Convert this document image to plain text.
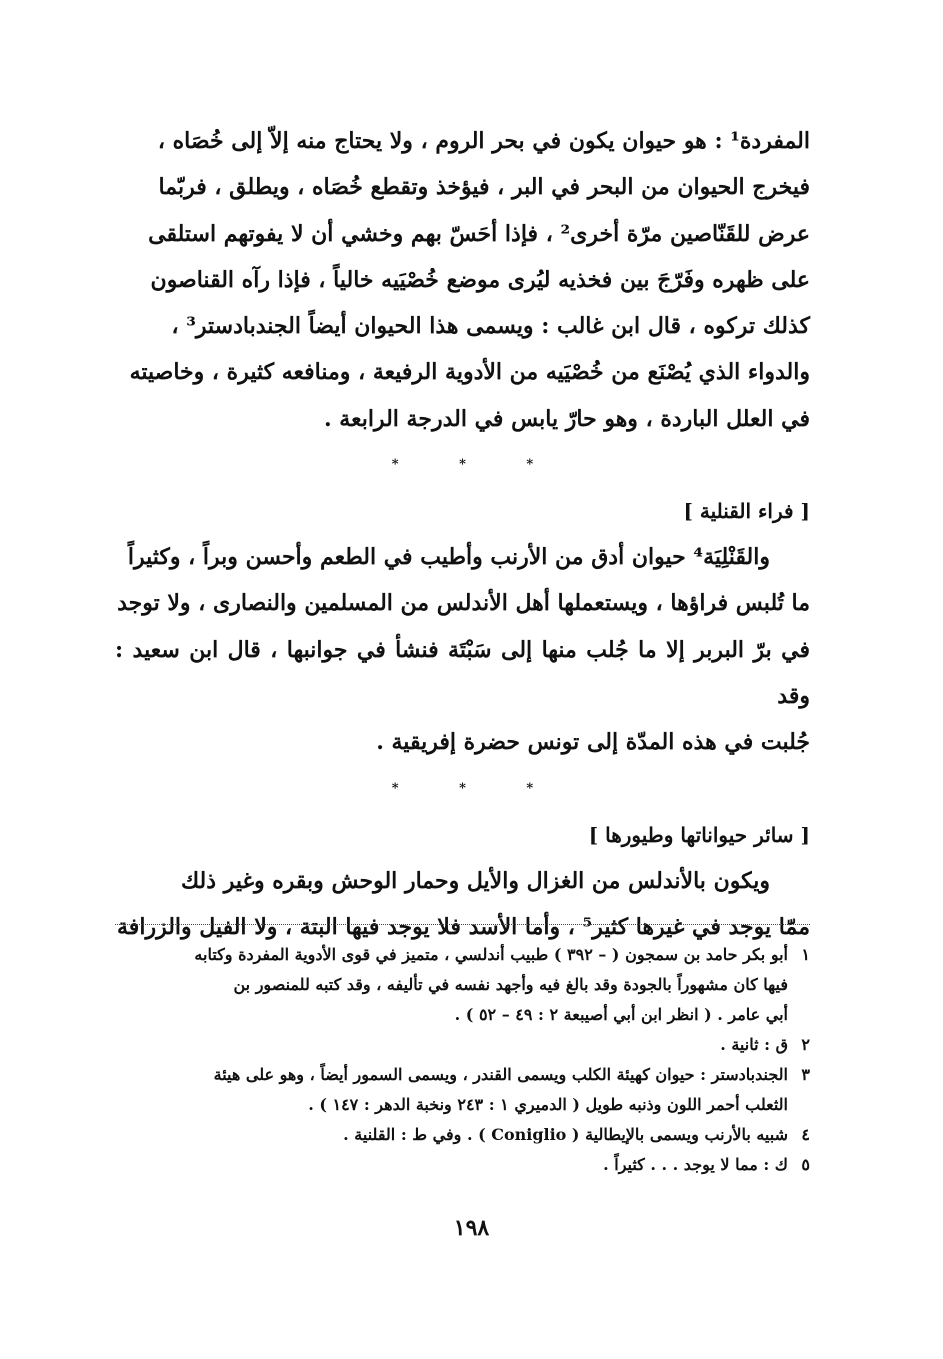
المفردة¹ : هو حيوان يكون في بحر الروم ، ولا يحتاج منه إلاّ إلى خُصَاه ،

فيخرج الحيوان من البحر في البر ، فيؤخذ وتقطع خُصَاه ، ويطلق ، فربّما

عرض للقَنّاصين مرّة أخرى² ، فإذا أحَسّ بهم وخشي أن لا يفوتهم استلقى

على ظهره وفَرّجَ بين فخذيه ليُرى موضع خُصْيَيه خالياً ، فإذا رآه القناصون

كذلك تركوه ، قال ابن غالب : ويسمى هذا الحيوان أيضاً الجندبادستر³ ،

والدواء الذي يُصْنَع من خُصْيَيه من الأدوية الرفيعة ، ومنافعه كثيرة ، وخاصيته

في العلل الباردة ، وهو حارّ يابس في الدرجة الرابعة .

* * *
[ فراء القنلية ]

والقَنْلِيَة⁴ حيوان أدق من الأرنب وأطيب في الطعم وأحسن وبراً ، وكثيراً

ما تُلبس فراؤها ، ويستعملها أهل الأندلس من المسلمين والنصارى ، ولا توجد

في برّ البربر إلا ما جُلب منها إلى سَبْتَة فنشأ في جوانبها ، قال ابن سعيد : وقد

جُلبت في هذه المدّة إلى تونس حضرة إفريقية .

* * *
[ سائر حيواناتها وطيورها ]

ويكون بالأندلس من الغزال والأيل وحمار الوحش وبقره وغير ذلك

ممّا يوجد في غيرها كثير⁵ ، وأما الأسد فلا يوجد فيها البتة ، ولا الفيل والزرافة

١
أبو بكر حامد بن سمجون ( – ٣٩٢ ) طبيب أندلسي ، متميز في قوى الأدوية المفردة وكتابه
فيها كان مشهوراً بالجودة وقد بالغ فيه وأجهد نفسه في تأليفه ، وقد كتبه للمنصور بن
أبي عامر . ( انظر ابن أبي أصيبعة ٢ : ٤٩ – ٥٢ ) .
٢
ق : ثانية .
٣
الجندبادستر : حيوان كهيئة الكلب ويسمى القندر ، ويسمى السمور أيضاً ، وهو على هيئة
الثعلب أحمر اللون وذنبه طويل ( الدميري ١ : ٢٤٣ ونخبة الدهر : ١٤٧ ) .
٤
شبيه بالأرنب ويسمى بالإيطالية ( Coniglio ) . وفي ط : القلنية .
٥
ك : مما لا يوجد . . . كثيراً .
١٩٨
